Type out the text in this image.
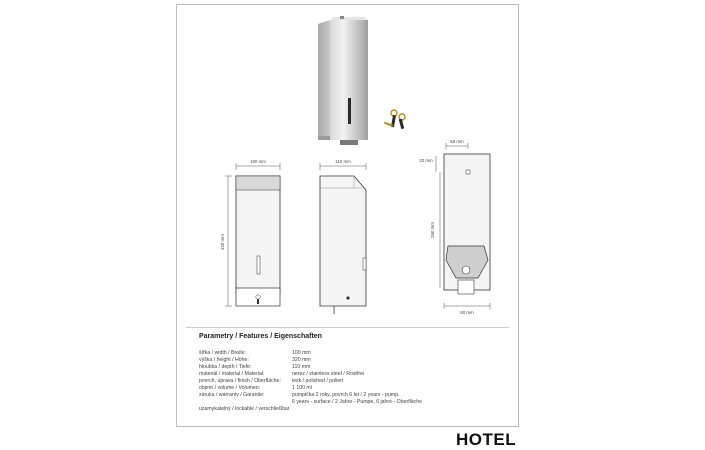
100 mm
320 mm
110 mm
50 mm
32 mm
260 mm
80 mm
Parametry / Features / Eigenschaften
šířka / width / Breite:	100 mm
výška / height / Höhe:	320 mm
hloubka / depth / Tiefe:	110 mm
materiál / material / Material:	nerez / stainless steel / Rostfrei
povrch, úprava / finish / Oberfläche: lesk / polished / poliert
objem / volume / Volumen:	1 100 ml
záruka / warranty / Garantie:	pumpička 2 roky, povrch 6 let / 2 years - pump,
6 years - surface / 2 Jahre - Pumpe, 6 jahre - Oberfläche
uzamykatelný / lockable / verschließbar
HOTEL
